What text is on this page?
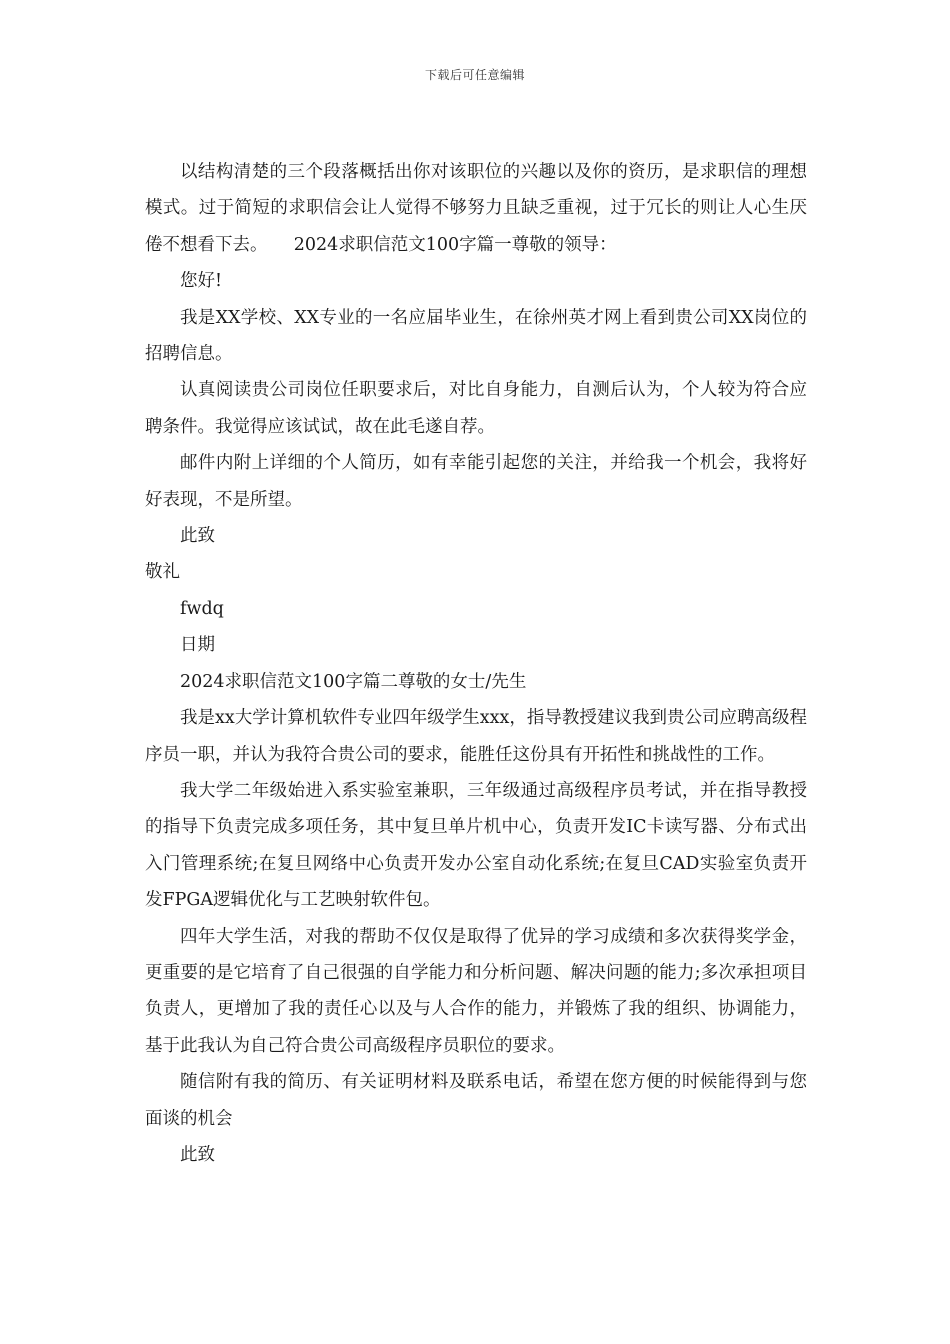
下载后可任意编辑

以结构清楚的三个段落概括出你对该职位的兴趣以及你的资历，是求职信的理想模式。过于简短的求职信会让人觉得不够努力且缺乏重视，过于冗长的则让人心生厌倦不想看下去。　　2024求职信范文100字篇一尊敬的领导：

您好!

我是XX学校、XX专业的一名应届毕业生，在徐州英才网上看到贵公司XX岗位的招聘信息。

认真阅读贵公司岗位任职要求后，对比自身能力，自测后认为，个人较为符合应聘条件。我觉得应该试试，故在此毛遂自荐。

邮件内附上详细的个人简历，如有幸能引起您的关注，并给我一个机会，我将好好表现，不是所望。

此致

敬礼

fwdq

日期

2024求职信范文100字篇二尊敬的女士/先生

我是xx大学计算机软件专业四年级学生xxx，指导教授建议我到贵公司应聘高级程序员一职，并认为我符合贵公司的要求，能胜任这份具有开拓性和挑战性的工作。

我大学二年级始进入系实验室兼职，三年级通过高级程序员考试，并在指导教授的指导下负责完成多项任务，其中复旦单片机中心，负责开发IC卡读写器、分布式出入门管理系统;在复旦网络中心负责开发办公室自动化系统;在复旦CAD实验室负责开发FPGA逻辑优化与工艺映射软件包。

四年大学生活，对我的帮助不仅仅是取得了优异的学习成绩和多次获得奖学金，更重要的是它培育了自己很强的自学能力和分析问题、解决问题的能力;多次承担项目负责人，更增加了我的责任心以及与人合作的能力，并锻炼了我的组织、协调能力，基于此我认为自己符合贵公司高级程序员职位的要求。

随信附有我的简历、有关证明材料及联系电话，希望在您方便的时候能得到与您面谈的机会

此致
